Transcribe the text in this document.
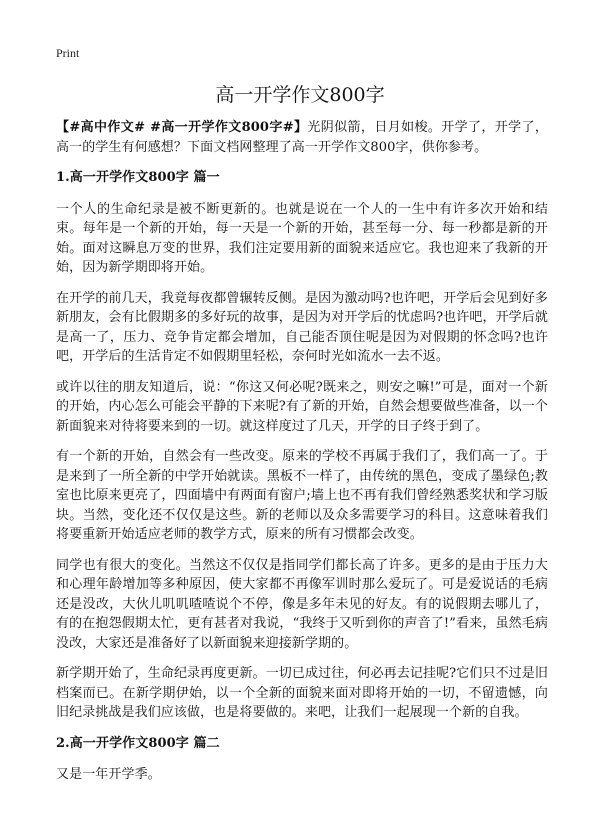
Print
高一开学作文800字

【#高中作文# #高一开学作文800字#】光阴似箭，日月如梭。开学了，开学了，高一的学生有何感想？下面文档网整理了高一开学作文800字，供你参考。

1.高一开学作文800字 篇一

一个人的生命纪录是被不断更新的。也就是说在一个人的一生中有许多次开始和结束。每年是一个新的开始，每一天是一个新的开始，甚至每一分、每一秒都是新的开始。面对这瞬息万变的世界，我们注定要用新的面貌来适应它。我也迎来了我新的开始，因为新学期即将开始。

在开学的前几天，我竟每夜都曾辗转反侧。是因为激动吗?也许吧，开学后会见到好多新朋友，会有比假期多的多好玩的故事，是因为对开学后的忧虑吗?也许吧，开学后就是高一了，压力、竞争肯定都会增加，自己能否顶住呢是因为对假期的怀念吗?也许吧，开学后的生活肯定不如假期里轻松，奈何时光如流水一去不返。

或许以往的朋友知道后，说：“你这又何必呢?既来之，则安之嘛!”可是，面对一个新的开始，内心怎么可能会平静的下来呢?有了新的开始，自然会想要做些准备，以一个新面貌来对待将要来到的一切。就这样度过了几天，开学的日子终于到了。

有一个新的开始，自然会有一些改变。原来的学校不再属于我们了，我们高一了。于是来到了一所全新的中学开始就读。黑板不一样了，由传统的黑色，变成了墨绿色;教室也比原来更亮了，四面墙中有两面有窗户;墙上也不再有我们曾经熟悉奖状和学习版块。当然，变化还不仅仅是这些。新的老师以及众多需要学习的科目。这意味着我们将要重新开始适应老师的教学方式，原来的所有习惯都会改变。

同学也有很大的变化。当然这不仅仅是指同学们都长高了许多。更多的是由于压力大和心理年龄增加等多种原因，使大家都不再像军训时那么爱玩了。可是爱说话的毛病还是没改，大伙儿叽叽喳喳说个不停，像是多年未见的好友。有的说假期去哪儿了，有的在抱怨假期太忙，更有甚者对我说，“我终于又听到你的声音了!”看来，虽然毛病没改，大家还是准备好了以新面貌来迎接新学期的。

新学期开始了，生命纪录再度更新。一切已成过往，何必再去记挂呢?它们只不过是旧档案而已。在新学期伊始，以一个全新的面貌来面对即将开始的一切，不留遗憾，向旧纪录挑战是我们应该做，也是将要做的。来吧，让我们一起展现一个新的自我。

2.高一开学作文800字 篇二

又是一年开学季。
